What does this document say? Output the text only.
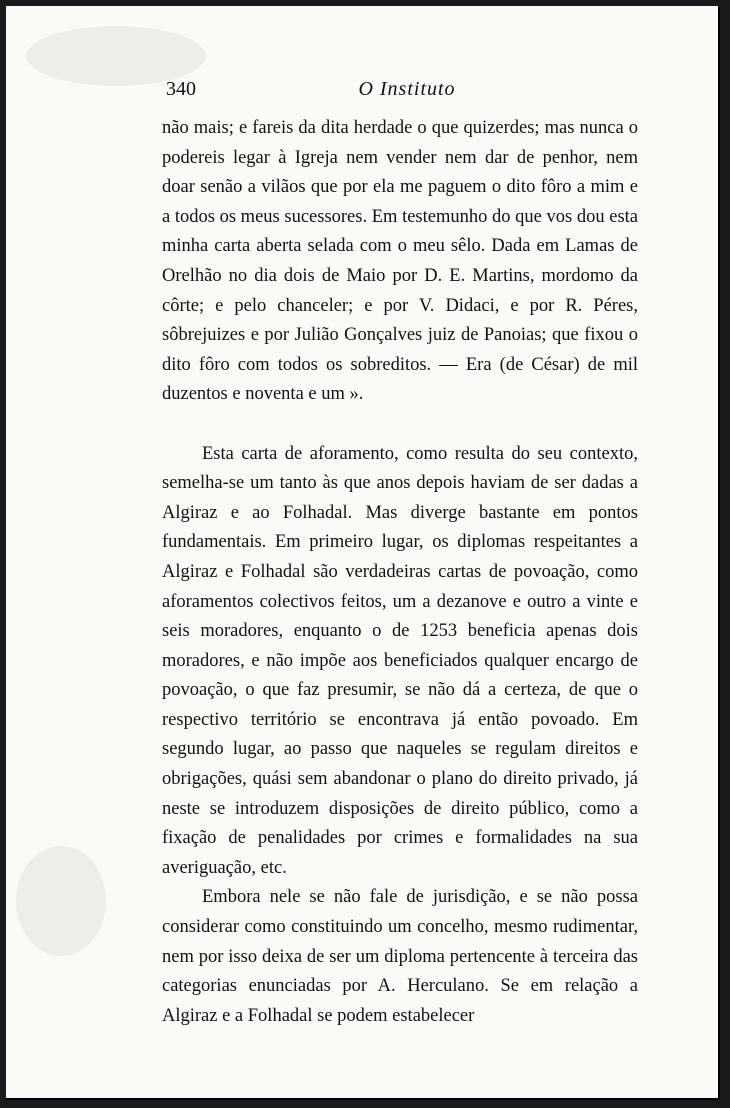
340	O Instituto

não mais; e fareis da dita herdade o que quizerdes; mas nunca o podereis legar à Igreja nem vender nem dar de penhor, nem doar senão a vilãos que por ela me paguem o dito fôro a mim e a todos os meus sucessores. Em testemunho do que vos dou esta minha carta aberta selada com o meu sêlo. Dada em Lamas de Orelhão no dia dois de Maio por D. E. Martins, mordomo da côrte; e pelo chanceler; e por V. Didaci, e por R. Péres, sôbrejuizes e por Julião Gonçalves juiz de Panoias; que fixou o dito fôro com todos os sobreditos. — Era (de César) de mil duzentos e noventa e um ».

Esta carta de aforamento, como resulta do seu contexto, semelha-se um tanto às que anos depois haviam de ser dadas a Algiraz e ao Folhadal. Mas diverge bastante em pontos fundamentais. Em primeiro lugar, os diplomas respeitantes a Algiraz e Folhadal são verdadeiras cartas de povoação, como aforamentos colectivos feitos, um a dezanove e outro a vinte e seis moradores, enquanto o de 1253 beneficia apenas dois moradores, e não impõe aos beneficiados qualquer encargo de povoação, o que faz presumir, se não dá a certeza, de que o respectivo território se encontrava já então povoado. Em segundo lugar, ao passo que naqueles se regulam direitos e obrigações, quási sem abandonar o plano do direito privado, já neste se introduzem disposições de direito público, como a fixação de penalidades por crimes e formalidades na sua averiguação, etc.

Embora nele se não fale de jurisdição, e se não possa considerar como constituindo um concelho, mesmo rudimentar, nem por isso deixa de ser um diploma pertencente à terceira das categorias enunciadas por A. Herculano. Se em relação a Algiraz e a Folhadal se podem estabelecer
